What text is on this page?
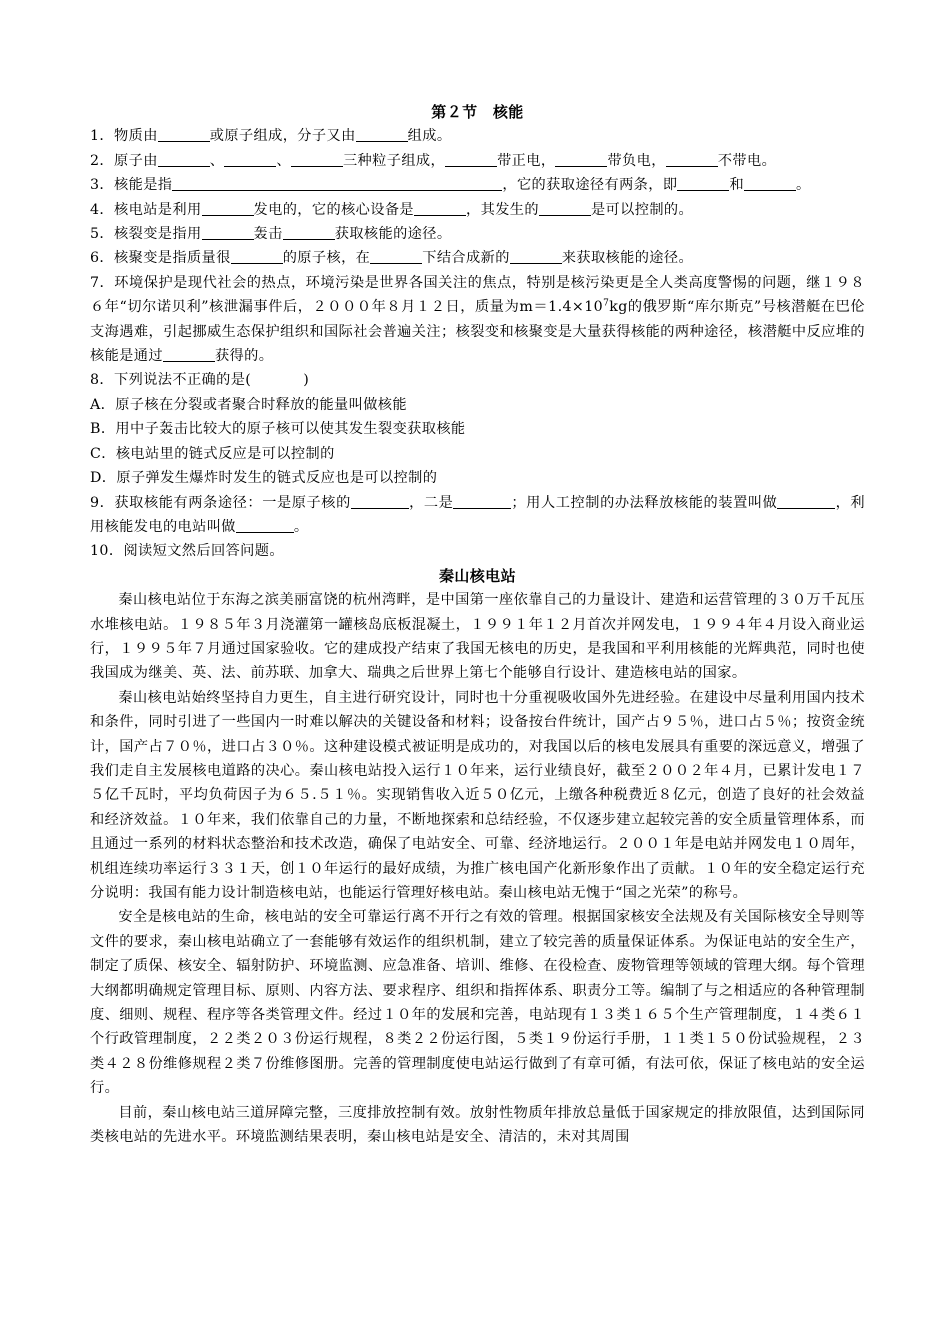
第２节　核能

1．物质由	或原子组成，分子又由	组成。

2．原子由	、	、	三种粒子组成，	带正电，	带负电，	不带电。

3．核能是指	，它的获取途径有两条，即	和	。

4．核电站是利用	发电的，它的核心设备是	，其发生的	是可以控制的。

5．核裂变是指用	轰击	获取核能的途径。

6．核聚变是指质量很	的原子核，在	下结合成新的	来获取核能的途径。

7．环境保护是现代社会的热点，环境污染是世界各国关注的焦点，特别是核污染更是全人类高度警惕的问题，继１９８６年“切尔诺贝利”核泄漏事件后，２０００年８月１２日，质量为$m=1.4\times 10^7kg$的俄罗斯“库尔斯克”号核潜艇在巴伦支海遇难，引起挪威生态保护组织和国际社会普遍关注；核裂变和核聚变是大量获得核能的两种途径，核潜艇中反应堆的核能是通过	获得的。

8．下列说法不正确的是(	)

A．原子核在分裂或者聚合时释放的能量叫做核能

B．用中子轰击比较大的原子核可以使其发生裂变获取核能

C．核电站里的链式反应是可以控制的

D．原子弹发生爆炸时发生的链式反应也是可以控制的

9．获取核能有两条途径：一是原子核的	，二是	；用人工控制的办法释放核能的装置叫做	，利用核能发电的电站叫做	。

10．阅读短文然后回答问题。

秦山核电站

秦山核电站位于东海之滨美丽富饶的杭州湾畔，是中国第一座依靠自己的力量设计、建造和运营管理的３０万千瓦压水堆核电站。１９８５年３月浇灌第一罐核岛底板混凝土，１９９１年１２月首次并网发电，１９９４年４月设入商业运行，１９９５年７月通过国家验收。它的建成投产结束了我国无核电的历史，是我国和平利用核能的光辉典范，同时也使我国成为继美、英、法、前苏联、加拿大、瑞典之后世界上第七个能够自行设计、建造核电站的国家。

秦山核电站始终坚持自力更生，自主进行研究设计，同时也十分重视吸收国外先进经验。在建设中尽量利用国内技术和条件，同时引进了一些国内一时难以解决的关键设备和材料；设备按台件统计，国产占９５％，进口占５％；按资金统计，国产占７０％，进口占３０％。这种建设模式被证明是成功的，对我国以后的核电发展具有重要的深远意义，增强了我们走自主发展核电道路的决心。秦山核电站投入运行１０年来，运行业绩良好，截至２００２年４月，已累计发电１７５亿千瓦时，平均负荷因子为６５.５１％。实现销售收入近５０亿元，上缴各种税费近８亿元，创造了良好的社会效益和经济效益。１０年来，我们依靠自己的力量，不断地探索和总结经验，不仅逐步建立起较完善的安全质量管理体系，而且通过一系列的材料状态整治和技术改造，确保了电站安全、可靠、经济地运行。２００１年是电站并网发电１０周年，机组连续功率运行３３１天，创１０年运行的最好成绩，为推广核电国产化新形象作出了贡献。１０年的安全稳定运行充分说明：我国有能力设计制造核电站，也能运行管理好核电站。秦山核电站无愧于“国之光荣”的称号。

安全是核电站的生命，核电站的安全可靠运行离不开行之有效的管理。根据国家核安全法规及有关国际核安全导则等文件的要求，秦山核电站确立了一套能够有效运作的组织机制，建立了较完善的质量保证体系。为保证电站的安全生产，制定了质保、核安全、辐射防护、环境监测、应急准备、培训、维修、在役检查、废物管理等领域的管理大纲。每个管理大纲都明确规定管理目标、原则、内容方法、要求程序、组织和指挥体系、职责分工等。编制了与之相适应的各种管理制度、细则、规程、程序等各类管理文件。经过１０年的发展和完善，电站现有１３类１６５个生产管理制度，１４类６１个行政管理制度，２２类２０３份运行规程，８类２２份运行图，５类１９份运行手册，１１类１５０份试验规程，２３类４２８份维修规程２类７份维修图册。完善的管理制度使电站运行做到了有章可循，有法可依，保证了核电站的安全运行。

目前，秦山核电站三道屏障完整，三度排放控制有效。放射性物质年排放总量低于国家规定的排放限值，达到国际同类核电站的先进水平。环境监测结果表明，秦山核电站是安全、清洁的，未对其周围
